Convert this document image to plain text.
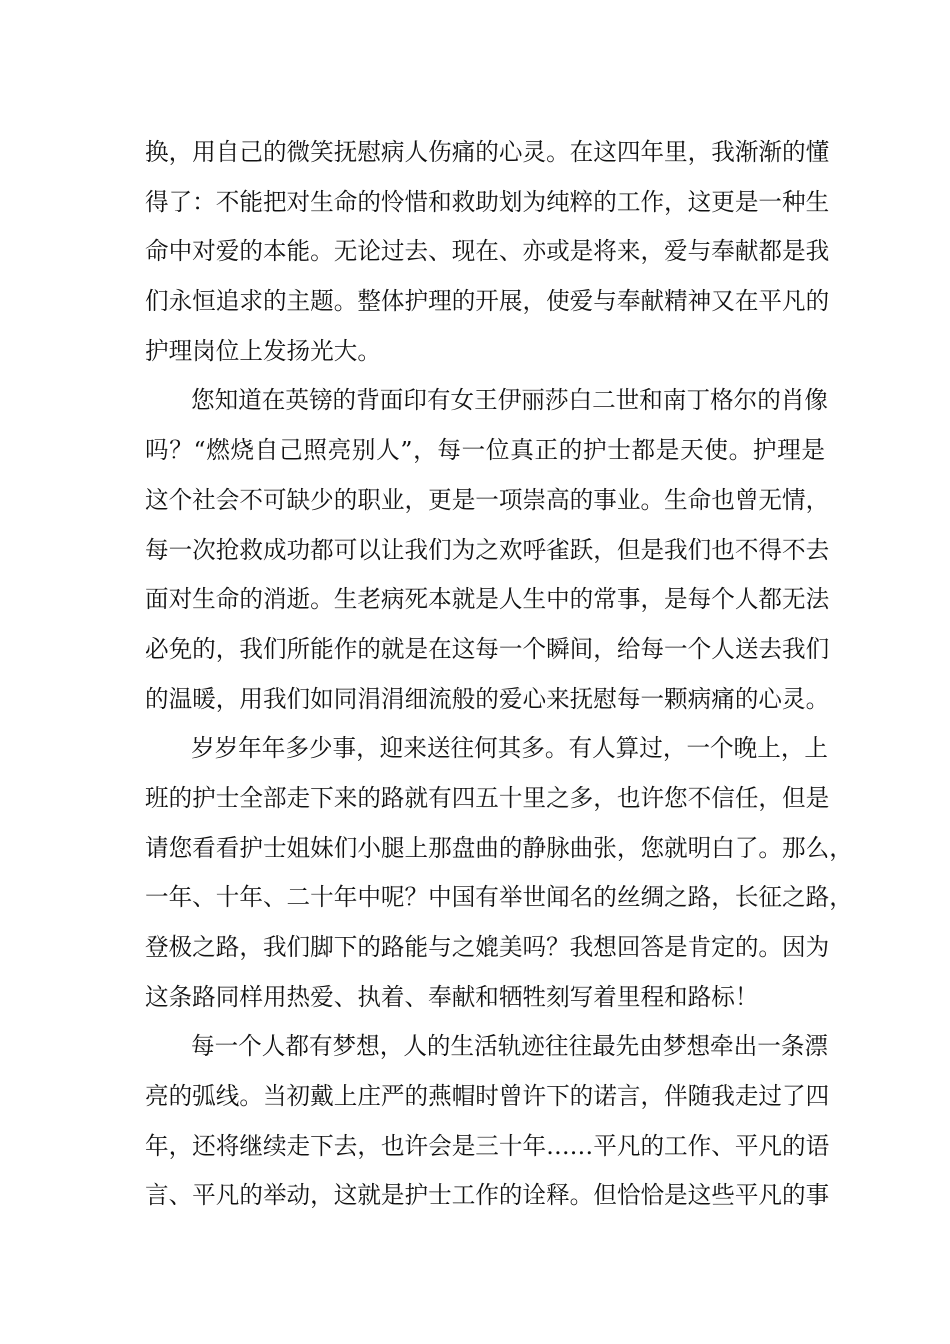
换，用自己的微笑抚慰病人伤痛的心灵。在这四年里，我渐渐的懂
得了：不能把对生命的怜惜和救助划为纯粹的工作，这更是一种生
命中对爱的本能。无论过去、现在、亦或是将来，爱与奉献都是我
们永恒追求的主题。整体护理的开展，使爱与奉献精神又在平凡的
护理岗位上发扬光大。
您知道在英镑的背面印有女王伊丽莎白二世和南丁格尔的肖像
吗？“燃烧自己照亮别人”，每一位真正的护士都是天使。护理是
这个社会不可缺少的职业，更是一项崇高的事业。生命也曾无情，
每一次抢救成功都可以让我们为之欢呼雀跃，但是我们也不得不去
面对生命的消逝。生老病死本就是人生中的常事，是每个人都无法
必免的，我们所能作的就是在这每一个瞬间，给每一个人送去我们
的温暖，用我们如同涓涓细流般的爱心来抚慰每一颗病痛的心灵。
岁岁年年多少事，迎来送往何其多。有人算过，一个晚上，上
班的护士全部走下来的路就有四五十里之多，也许您不信任，但是
请您看看护士姐妹们小腿上那盘曲的静脉曲张，您就明白了。那么，
一年、十年、二十年中呢？中国有举世闻名的丝绸之路，长征之路，
登极之路，我们脚下的路能与之媲美吗？我想回答是肯定的。因为
这条路同样用热爱、执着、奉献和牺牲刻写着里程和路标！
每一个人都有梦想，人的生活轨迹往往最先由梦想牵出一条漂
亮的弧线。当初戴上庄严的燕帽时曾许下的诺言，伴随我走过了四
年，还将继续走下去，也许会是三十年……平凡的工作、平凡的语
言、平凡的举动，这就是护士工作的诠释。但恰恰是这些平凡的事
